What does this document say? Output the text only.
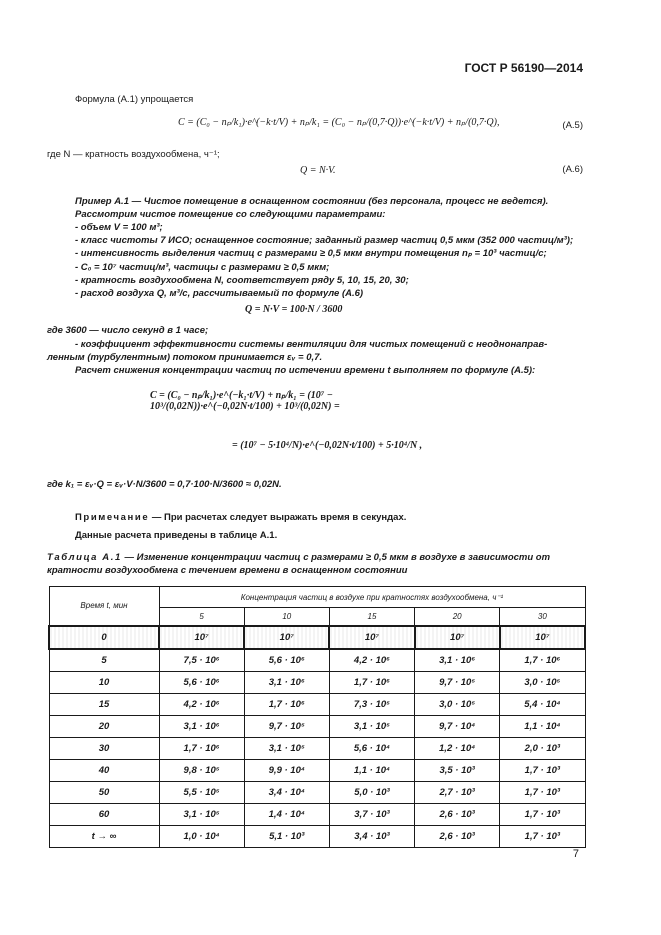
ГОСТ Р 56190—2014
Формула (А.1) упрощается
C = (C₀ − nₚ/k₁)·e^(−k·t/V) + nₚ/k₁ = (C₀ − nₚ/(0,7·Q))·e^(−k·t/V) + nₚ/(0,7·Q),	(А.5)
где N — кратность воздухообмена, ч⁻¹;
Q = N·V.	(А.6)
Пример А.1 — Чистое помещение в оснащенном состоянии (без персонала, процесс не ведется).
Рассмотрим чистое помещение со следующими параметрами:
- объем V = 100 м³;
- класс чистоты 7 ИСО; оснащенное состояние; заданный размер частиц 0,5 мкм (352 000 частиц/м³);
- интенсивность выделения частиц с размерами ≥ 0,5 мкм внутри помещения nₚ = 10³ частиц/с;
- C₀ = 10⁷ частиц/м³, частицы с размерами ≥ 0,5 мкм;
- кратность воздухообмена N, соответствует ряду 5, 10, 15, 20, 30;
- расход воздуха Q, м³/с, рассчитываемый по формуле (А.6)
Q = N·V = 100·N / 3600
где 3600 — число секунд в 1 часе;
- коэффициент эффективности системы вентиляции для чистых помещений с неоднонаправ-
ленным (турбулентным) потоком принимается εᵥ = 0,7.
Расчет снижения концентрации частиц по истечении времени t выполняем по формуле (А.5):
C = (C₀ − nₚ/k₁)·e^(−k₁·t/V) + nₚ/k₁ = (10⁷ − 10³/(0,02N))·e^(−0,02N·t/100) + 10³/(0,02N) =
= (10⁷ − 5·10⁴/N)·e^(−0,02N·t/100) + 5·10⁴/N ,
где k₁ = εᵥ·Q = εᵥ·V·N/3600 = 0,7·100·N/3600 ≈ 0,02N.
Примечание — При расчетах следует выражать время в секундах.
Данные расчета приведены в таблице А.1.
Таблица А.1 — Изменение концентрации частиц с размерами ≥ 0,5 мкм в воздухе в зависимости от кратности воздухообмена с течением времени в оснащенном состоянии
Время t, мин	Концентрация частиц в воздухе при кратностях воздухообмена, ч⁻¹				
	5	10	15	20	30
0	10⁷	10⁷	10⁷	10⁷	10⁷
5	7,5 · 10⁶	5,6 · 10⁶	4,2 · 10⁶	3,1 · 10⁶	1,7 · 10⁶
10	5,6 · 10⁶	3,1 · 10⁶	1,7 · 10⁶	9,7 · 10⁵	3,0 · 10⁵
15	4,2 · 10⁶	1,7 · 10⁶	7,3 · 10⁵	3,0 · 10⁵	5,4 · 10⁴
20	3,1 · 10⁶	9,7 · 10⁵	3,1 · 10⁵	9,7 · 10⁴	1,1 · 10⁴
30	1,7 · 10⁶	3,1 · 10⁵	5,6 · 10⁴	1,2 · 10⁴	2,0 · 10³
40	9,8 · 10⁵	9,9 · 10⁴	1,1 · 10⁴	3,5 · 10³	1,7 · 10³
50	5,5 · 10⁵	3,4 · 10⁴	5,0 · 10³	2,7 · 10³	1,7 · 10³
60	3,1 · 10⁵	1,4 · 10⁴	3,7 · 10³	2,6 · 10³	1,7 · 10³
t → ∞	1,0 · 10⁴	5,1 · 10³	3,4 · 10³	2,6 · 10³	1,7 · 10³
7
